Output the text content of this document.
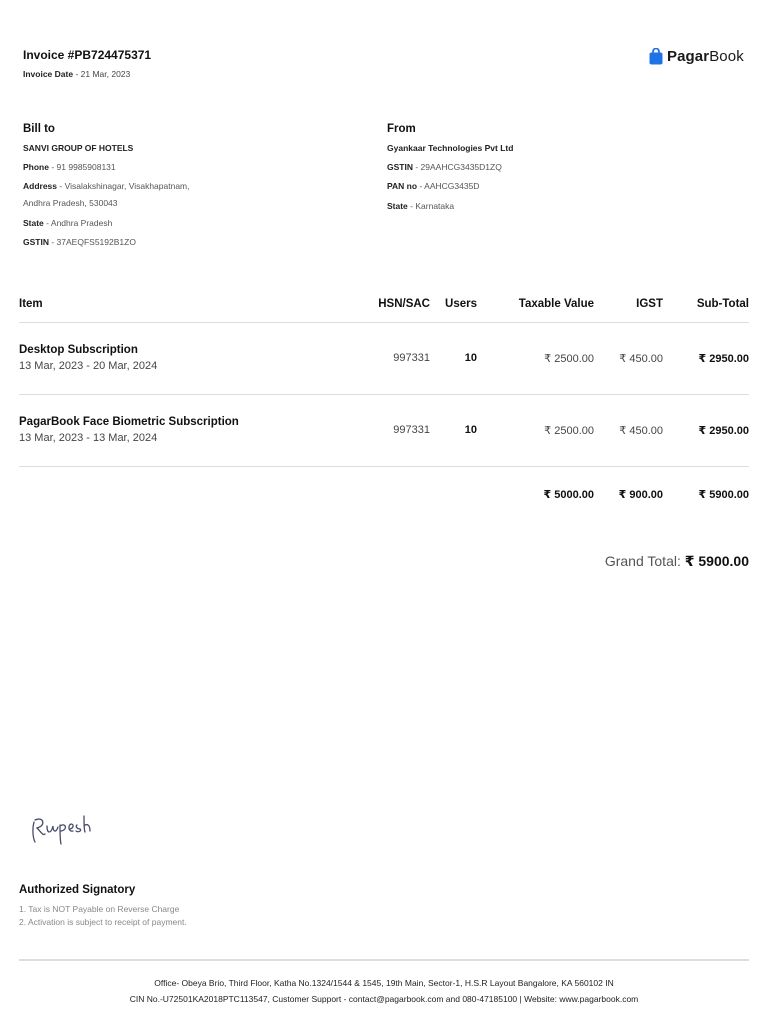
Invoice #PB724475371
Invoice Date - 21 Mar, 2023
PagarBook
Bill to
SANVI GROUP OF HOTELS
Phone - 91 9985908131
Address - Visalakshinagar, Visakhapatnam,
Andhra Pradesh, 530043
State - Andhra Pradesh
GSTIN - 37AEQFS5192B1ZO
From
Gyankaar Technologies Pvt Ltd
GSTIN - 29AAHCG3435D1ZQ
PAN no - AAHCG3435D
State - Karnataka
Item	HSN/SAC Users	Taxable Value	IGST	Sub-Total
Desktop Subscription
13 Mar, 2023 - 20 Mar, 2024
997331	10	₹ 2500.00 ₹ 450.00	₹ 2950.00
PagarBook Face Biometric Subscription
13 Mar, 2023 - 13 Mar, 2024
997331	10	₹ 2500.00 ₹ 450.00	₹ 2950.00
₹ 5000.00 ₹ 900.00	₹ 5900.00
Grand Total: ₹ 5900.00
Authorized Signatory
1. Tax is NOT Payable on Reverse Charge
2. Activation is subject to receipt of payment.
Office- Obeya Brio, Third Floor, Katha No.1324/1544 & 1545, 19th Main, Sector-1, H.S.R Layout Bangalore, KA 560102 IN
CIN No.-U72501KA2018PTC113547, Customer Support - contact@pagarbook.com and 080-47185100 | Website: www.pagarbook.com
